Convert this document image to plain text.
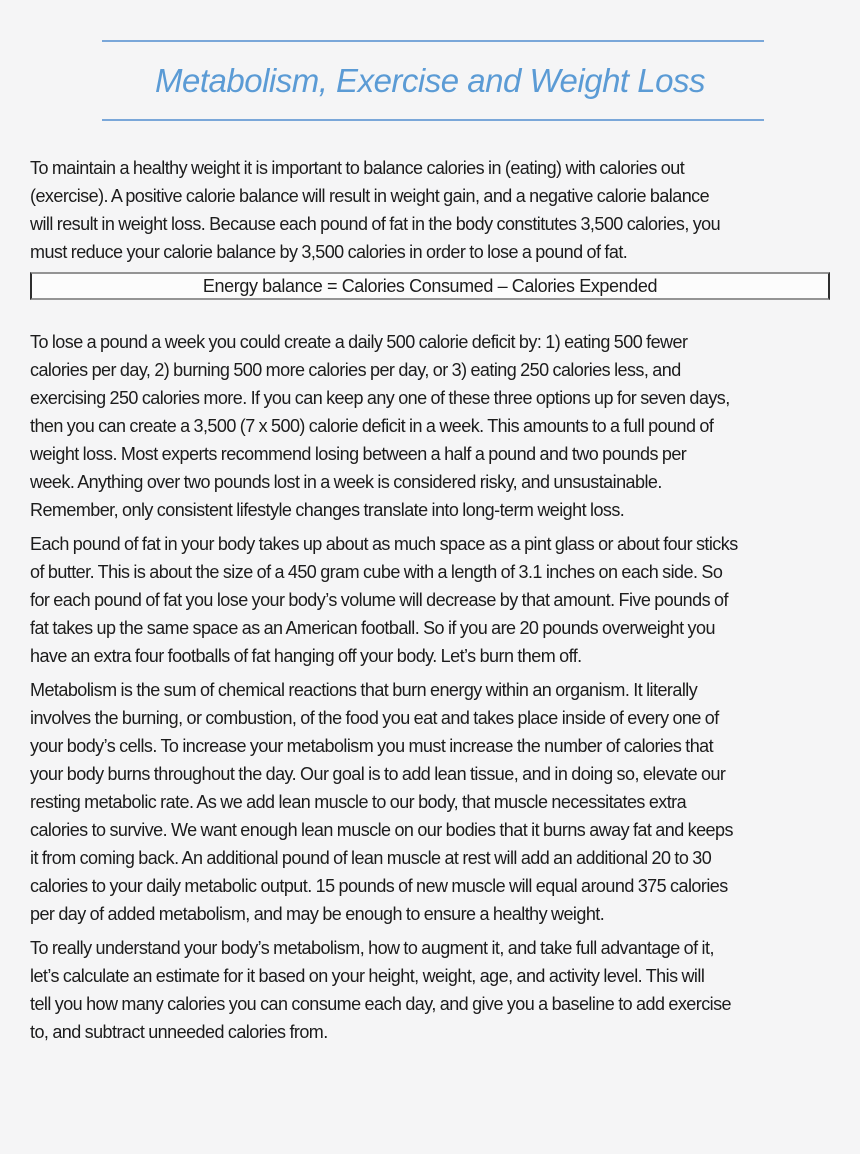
Metabolism, Exercise and Weight Loss
To maintain a healthy weight it is important to balance calories in (eating) with calories out
(exercise). A positive calorie balance will result in weight gain, and a negative calorie balance
will result in weight loss. Because each pound of fat in the body constitutes 3,500 calories, you
must reduce your calorie balance by 3,500 calories in order to lose a pound of fat.
Energy balance = Calories Consumed – Calories Expended
To lose a pound a week you could create a daily 500 calorie deficit by: 1) eating 500 fewer
calories per day, 2) burning 500 more calories per day, or 3) eating 250 calories less, and
exercising 250 calories more. If you can keep any one of these three options up for seven days,
then you can create a 3,500 (7 x 500) calorie deficit in a week. This amounts to a full pound of
weight loss. Most experts recommend losing between a half a pound and two pounds per
week. Anything over two pounds lost in a week is considered risky, and unsustainable.
Remember, only consistent lifestyle changes translate into long-term weight loss.
Each pound of fat in your body takes up about as much space as a pint glass or about four sticks
of butter. This is about the size of a 450 gram cube with a length of 3.1 inches on each side. So
for each pound of fat you lose your body’s volume will decrease by that amount. Five pounds of
fat takes up the same space as an American football. So if you are 20 pounds overweight you
have an extra four footballs of fat hanging off your body. Let’s burn them off.
Metabolism is the sum of chemical reactions that burn energy within an organism. It literally
involves the burning, or combustion, of the food you eat and takes place inside of every one of
your body’s cells. To increase your metabolism you must increase the number of calories that
your body burns throughout the day. Our goal is to add lean tissue, and in doing so, elevate our
resting metabolic rate. As we add lean muscle to our body, that muscle necessitates extra
calories to survive. We want enough lean muscle on our bodies that it burns away fat and keeps
it from coming back. An additional pound of lean muscle at rest will add an additional 20 to 30
calories to your daily metabolic output. 15 pounds of new muscle will equal around 375 calories
per day of added metabolism, and may be enough to ensure a healthy weight.
To really understand your body’s metabolism, how to augment it, and take full advantage of it,
let’s calculate an estimate for it based on your height, weight, age, and activity level. This will
tell you how many calories you can consume each day, and give you a baseline to add exercise
to, and subtract unneeded calories from.
